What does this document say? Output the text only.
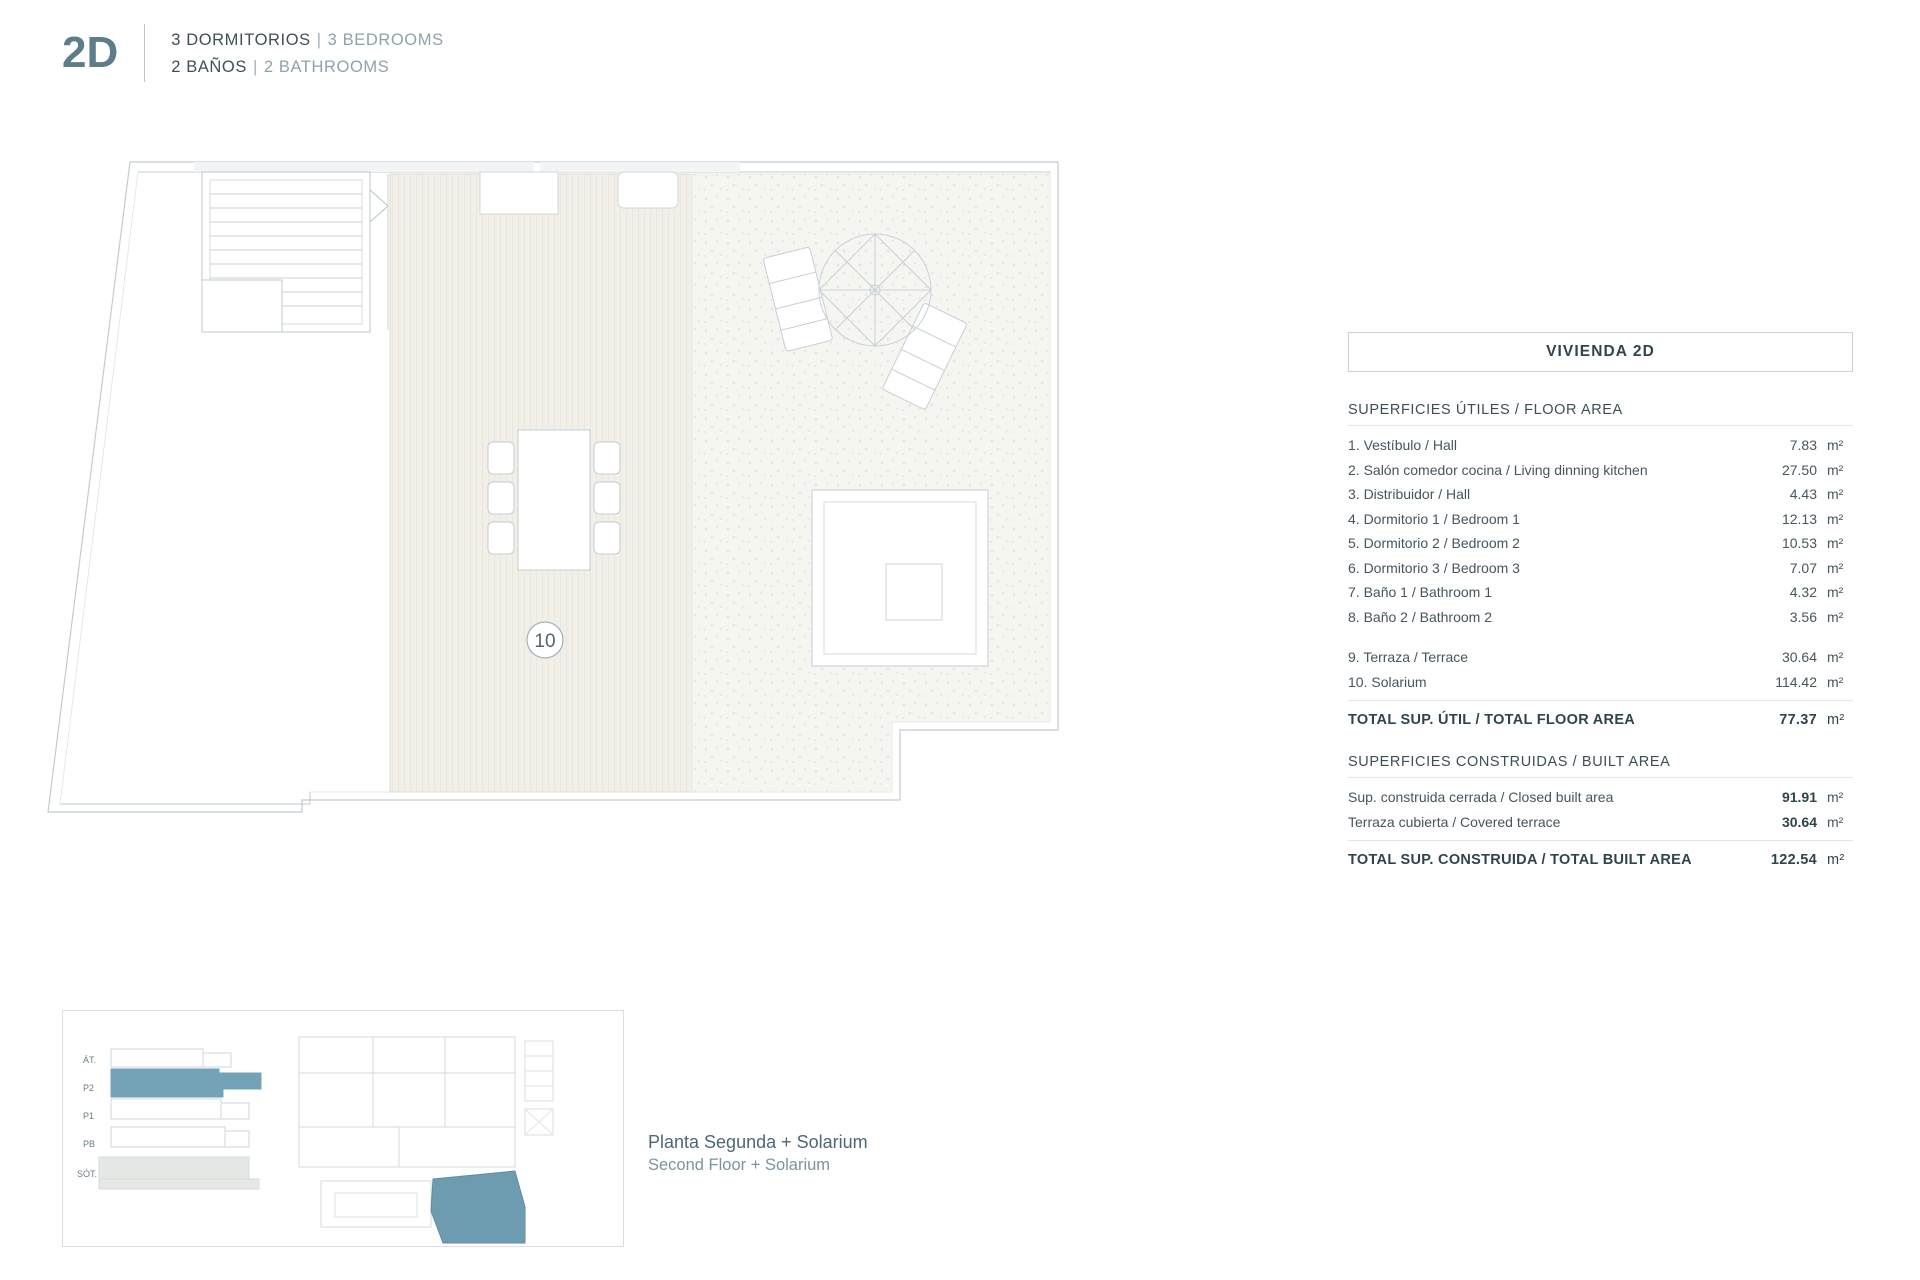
2D	3 DORMITORIOS | 3 BEDROOMS
2 BAÑOS | 2 BATHROOMS
10
VIVIENDA 2D
SUPERFICIES ÚTILES / FLOOR AREA
1. Vestíbulo / Hall	7.83 m²
2. Salón comedor cocina / Living dinning kitchen	27.50 m²
3. Distribuidor / Hall	4.43 m²
4. Dormitorio 1 / Bedroom 1	12.13 m²
5. Dormitorio 2 / Bedroom 2	10.53 m²
6. Dormitorio 3 / Bedroom 3	7.07 m²
7. Baño 1 / Bathroom 1	4.32 m²
8. Baño 2 / Bathroom 2	3.56 m²
9. Terraza / Terrace	30.64 m²
10. Solarium	114.42 m²
TOTAL SUP. ÚTIL / TOTAL FLOOR AREA	77.37 m²
SUPERFICIES CONSTRUIDAS / BUILT AREA
Sup. construida cerrada / Closed built area	91.91 m²
Terraza cubierta / Covered terrace	30.64 m²
TOTAL SUP. CONSTRUIDA / TOTAL BUILT AREA	122.54 m²
ÁT.
P2
P1
PB
SÓT.
Planta Segunda + Solarium
Second Floor + Solarium
